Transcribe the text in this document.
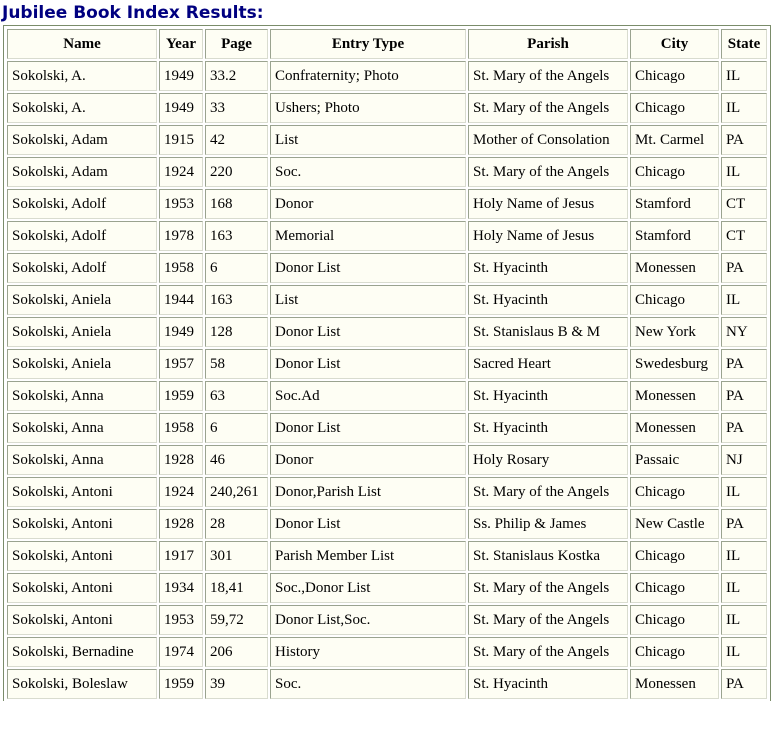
Jubilee Book Index Results:
Name	Year	Page	Entry Type	Parish	City	State
Sokolski, A.	1949	33.2	Confraternity; Photo	St. Mary of the Angels	Chicago	IL
Sokolski, A.	1949	33	Ushers; Photo	St. Mary of the Angels	Chicago	IL
Sokolski, Adam	1915	42	List	Mother of Consolation	Mt. Carmel	PA
Sokolski, Adam	1924	220	Soc.	St. Mary of the Angels	Chicago	IL
Sokolski, Adolf	1953	168	Donor	Holy Name of Jesus	Stamford	CT
Sokolski, Adolf	1978	163	Memorial	Holy Name of Jesus	Stamford	CT
Sokolski, Adolf	1958	6	Donor List	St. Hyacinth	Monessen	PA
Sokolski, Aniela	1944	163	List	St. Hyacinth	Chicago	IL
Sokolski, Aniela	1949	128	Donor List	St. Stanislaus B & M	New York	NY
Sokolski, Aniela	1957	58	Donor List	Sacred Heart	Swedesburg	PA
Sokolski, Anna	1959	63	Soc.Ad	St. Hyacinth	Monessen	PA
Sokolski, Anna	1958	6	Donor List	St. Hyacinth	Monessen	PA
Sokolski, Anna	1928	46	Donor	Holy Rosary	Passaic	NJ
Sokolski, Antoni	1924	240,261	Donor,Parish List	St. Mary of the Angels	Chicago	IL
Sokolski, Antoni	1928	28	Donor List	Ss. Philip & James	New Castle	PA
Sokolski, Antoni	1917	301	Parish Member List	St. Stanislaus Kostka	Chicago	IL
Sokolski, Antoni	1934	18,41	Soc.,Donor List	St. Mary of the Angels	Chicago	IL
Sokolski, Antoni	1953	59,72	Donor List,Soc.	St. Mary of the Angels	Chicago	IL
Sokolski, Bernadine	1974	206	History	St. Mary of the Angels	Chicago	IL
Sokolski, Boleslaw	1959	39	Soc.	St. Hyacinth	Monessen	PA
